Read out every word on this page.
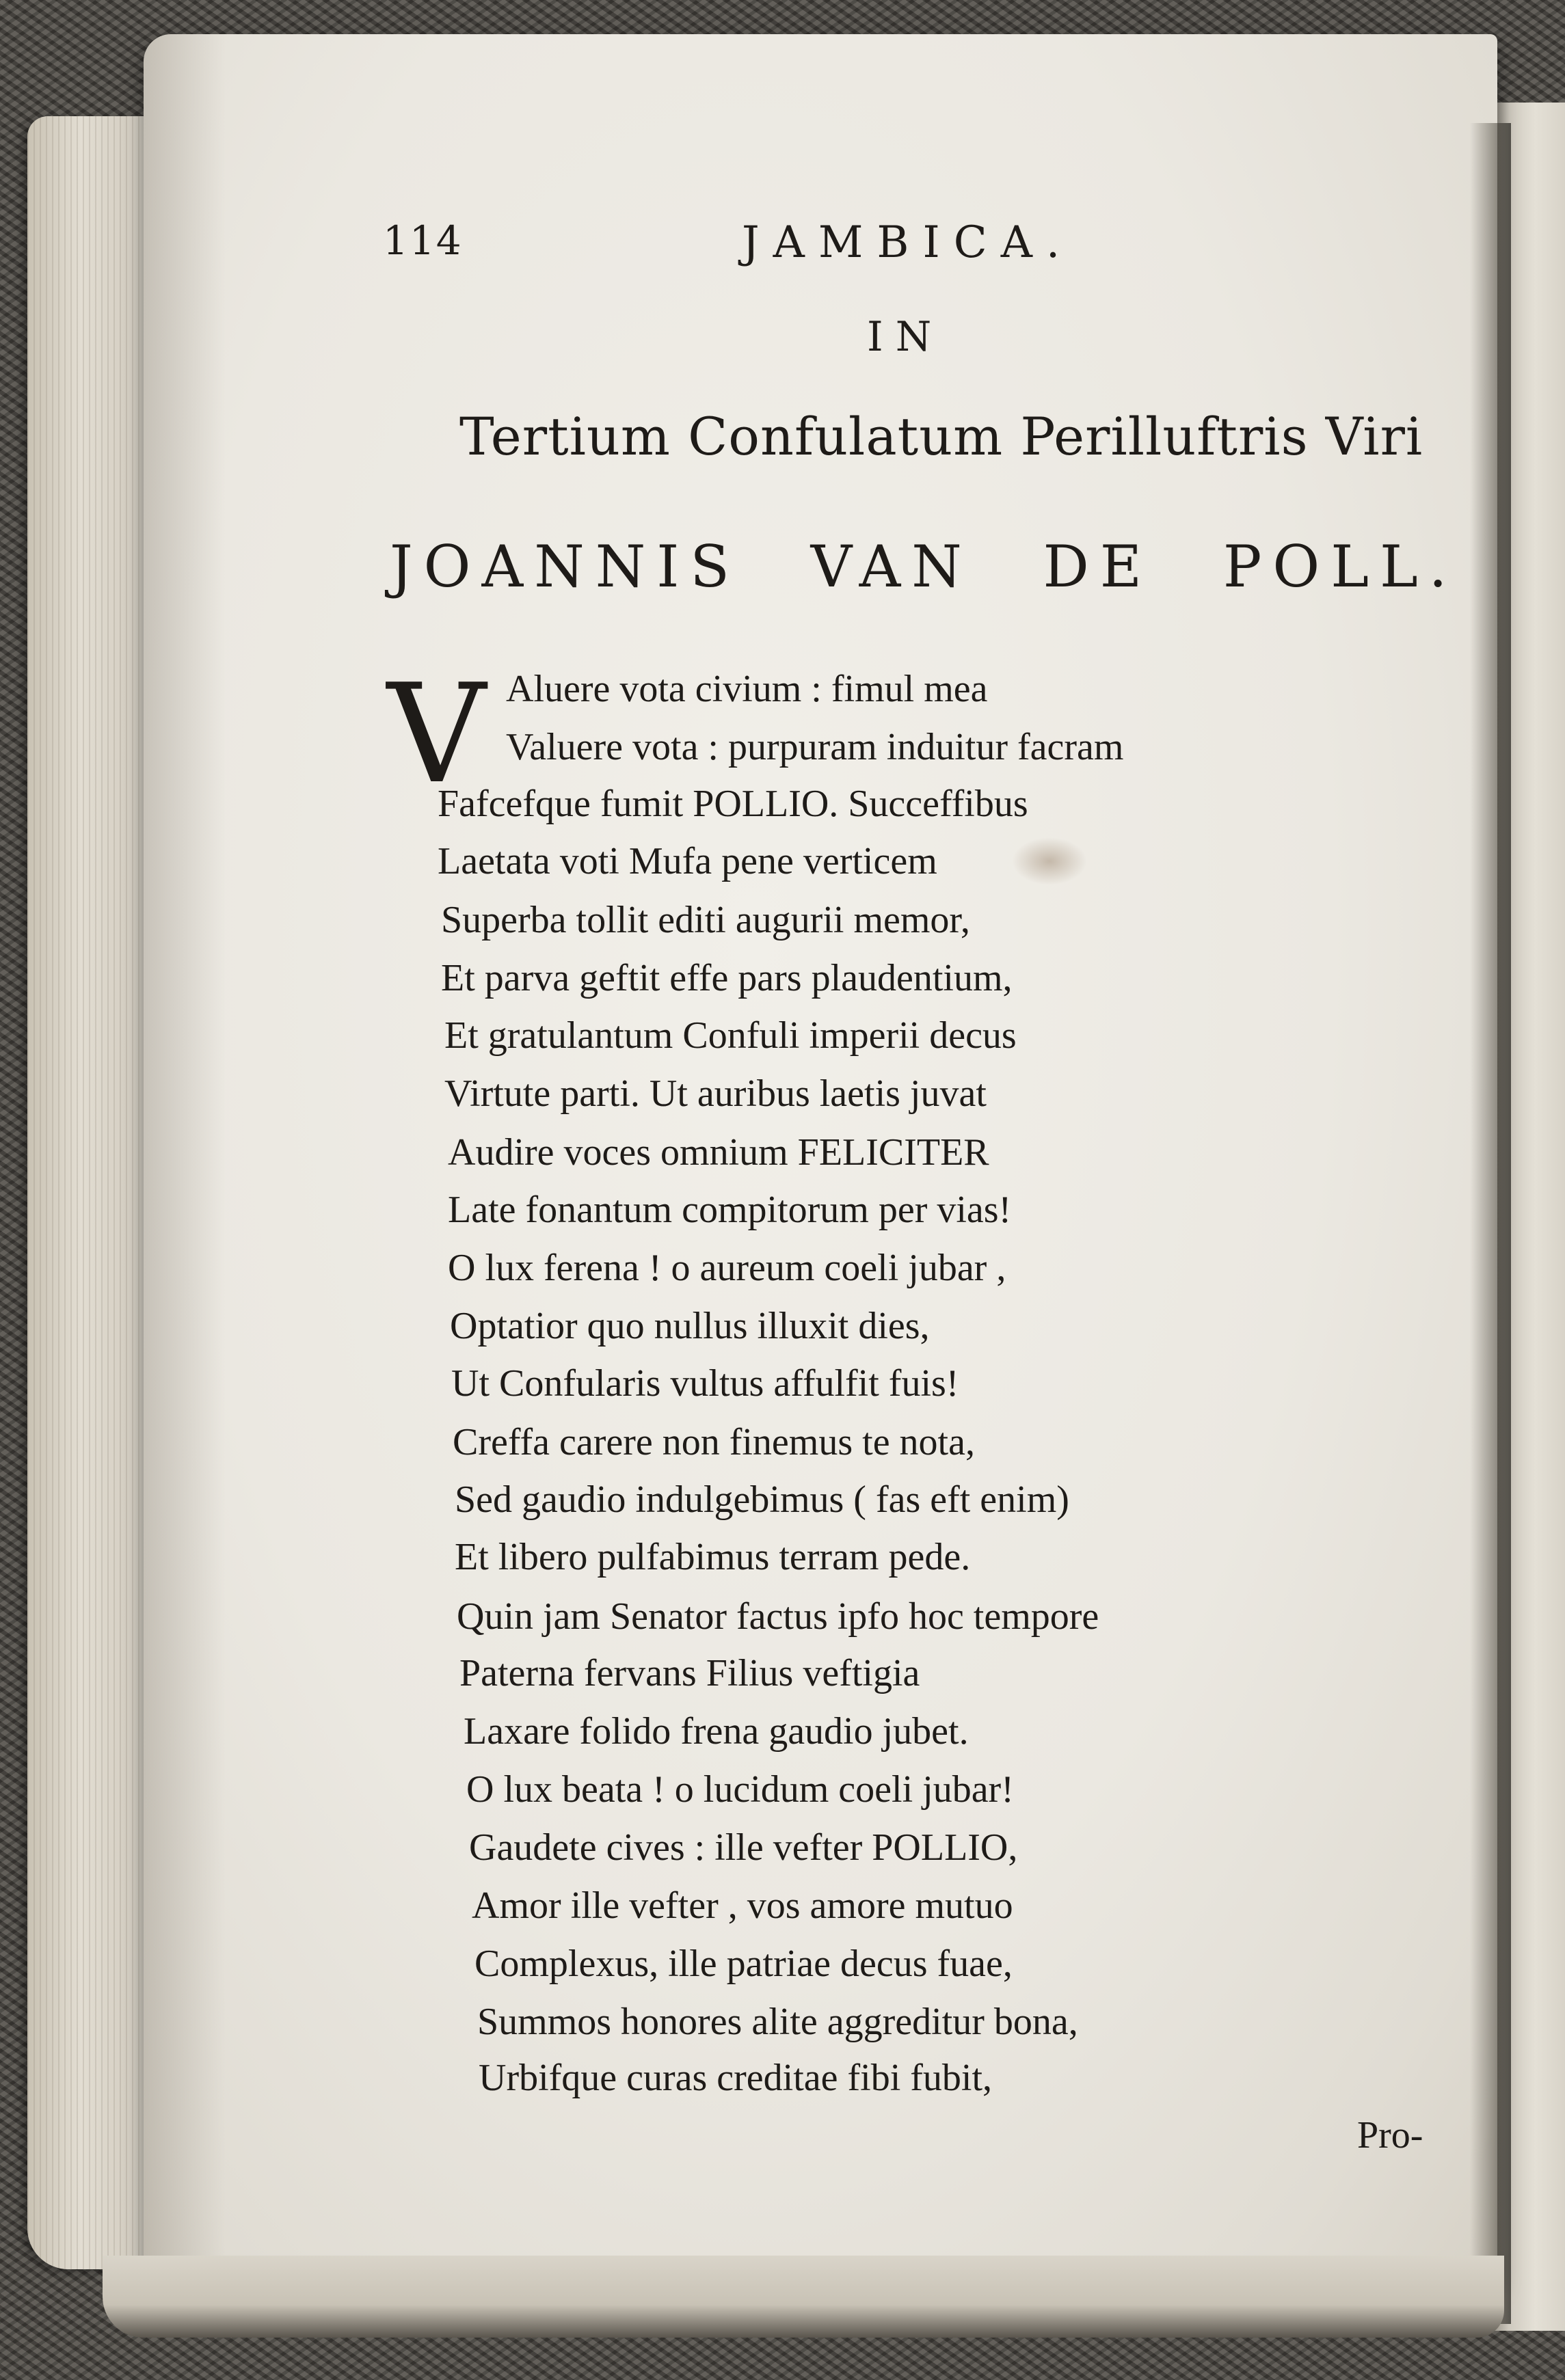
114	JAMBICA.
IN
Tertium Confulatum Perilluftris Viri
JOANNIS VAN DE POLL.
V Aluere vota civium : fimul mea
Valuere vota : purpuram induitur facram
Fafcefque fumit POLLIO. Succeffibus
Laetata voti Mufa pene verticem
Superba tollit editi augurii memor,
Et parva geftit effe pars plaudentium,
Et gratulantum Confuli imperii decus
Virtute parti. Ut auribus laetis juvat
Audire voces omnium FELICITER
Late fonantum compitorum per vias!
O lux ferena ! o aureum coeli jubar ,
Optatior quo nullus illuxit dies,
Ut Confularis vultus affulfit fuis!
Creffa carere non finemus te nota,
Sed gaudio indulgebimus ( fas eft enim)
Et libero pulfabimus terram pede.
Quin jam Senator factus ipfo hoc tempore
Paterna fervans Filius veftigia
Laxare folido frena gaudio jubet.
O lux beata ! o lucidum coeli jubar!
Gaudete cives : ille vefter POLLIO,
Amor ille vefter , vos amore mutuo
Complexus, ille patriae decus fuae,
Summos honores alite aggreditur bona,
Urbifque curas creditae fibi fubit,
Pro-
